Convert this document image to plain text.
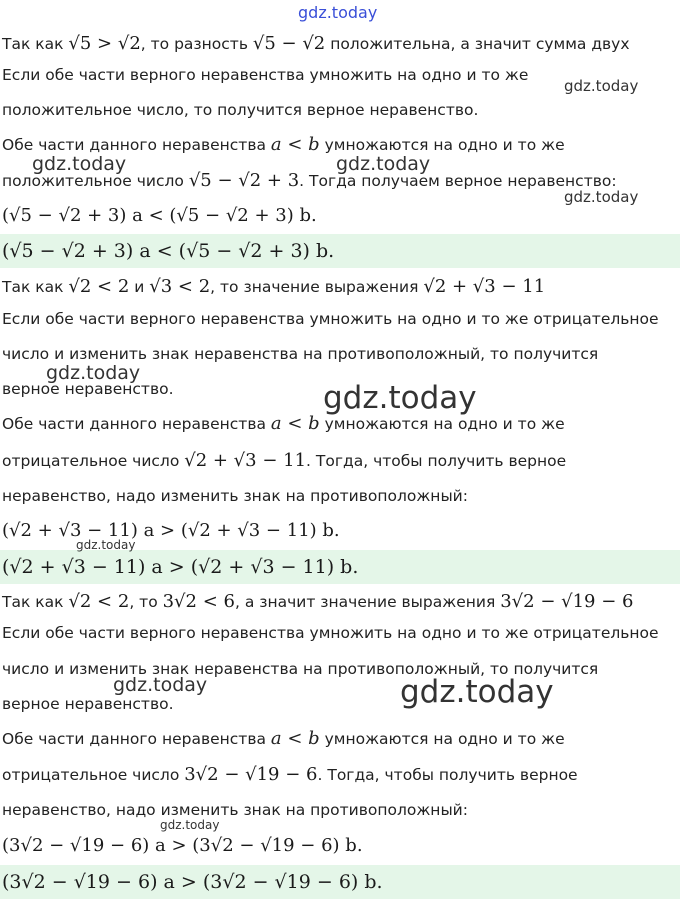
Так как √5 > √2, то разность √5 − √2 положительна, а значит сумма двух
Если обе части верного неравенства умножить на одно и то же
положительное число, то получится верное неравенство.
Обе части данного неравенства a < b умножаются на одно и то же
положительное число √5 − √2 + 3. Тогда получаем верное неравенство:
(√5 − √2 + 3) a < (√5 − √2 + 3) b.
(√5 − √2 + 3) a < (√5 − √2 + 3) b.
Так как √2 < 2 и √3 < 2, то значение выражения √2 + √3 − 11
Если обе части верного неравенства умножить на одно и то же отрицательное
число и изменить знак неравенства на противоположный, то получится
верное неравенство.
Обе части данного неравенства a < b умножаются на одно и то же
отрицательное число √2 + √3 − 11. Тогда, чтобы получить верное
неравенство, надо изменить знак на противоположный:
(√2 + √3 − 11) a > (√2 + √3 − 11) b.
(√2 + √3 − 11) a > (√2 + √3 − 11) b.
Так как √2 < 2, то 3√2 < 6, а значит значение выражения 3√2 − √19 − 6
Если обе части верного неравенства умножить на одно и то же отрицательное
число и изменить знак неравенства на противоположный, то получится
верное неравенство.
Обе части данного неравенства a < b умножаются на одно и то же
отрицательное число 3√2 − √19 − 6. Тогда, чтобы получить верное
неравенство, надо изменить знак на противоположный:
(3√2 − √19 − 6) a > (3√2 − √19 − 6) b.
(3√2 − √19 − 6) a > (3√2 − √19 − 6) b.
gdz.today
gdz.today
gdz.today	gdz.today
gdz.today
gdz.today
gdz.today
gdz.today
gdz.today	gdz.today
gdz.today
